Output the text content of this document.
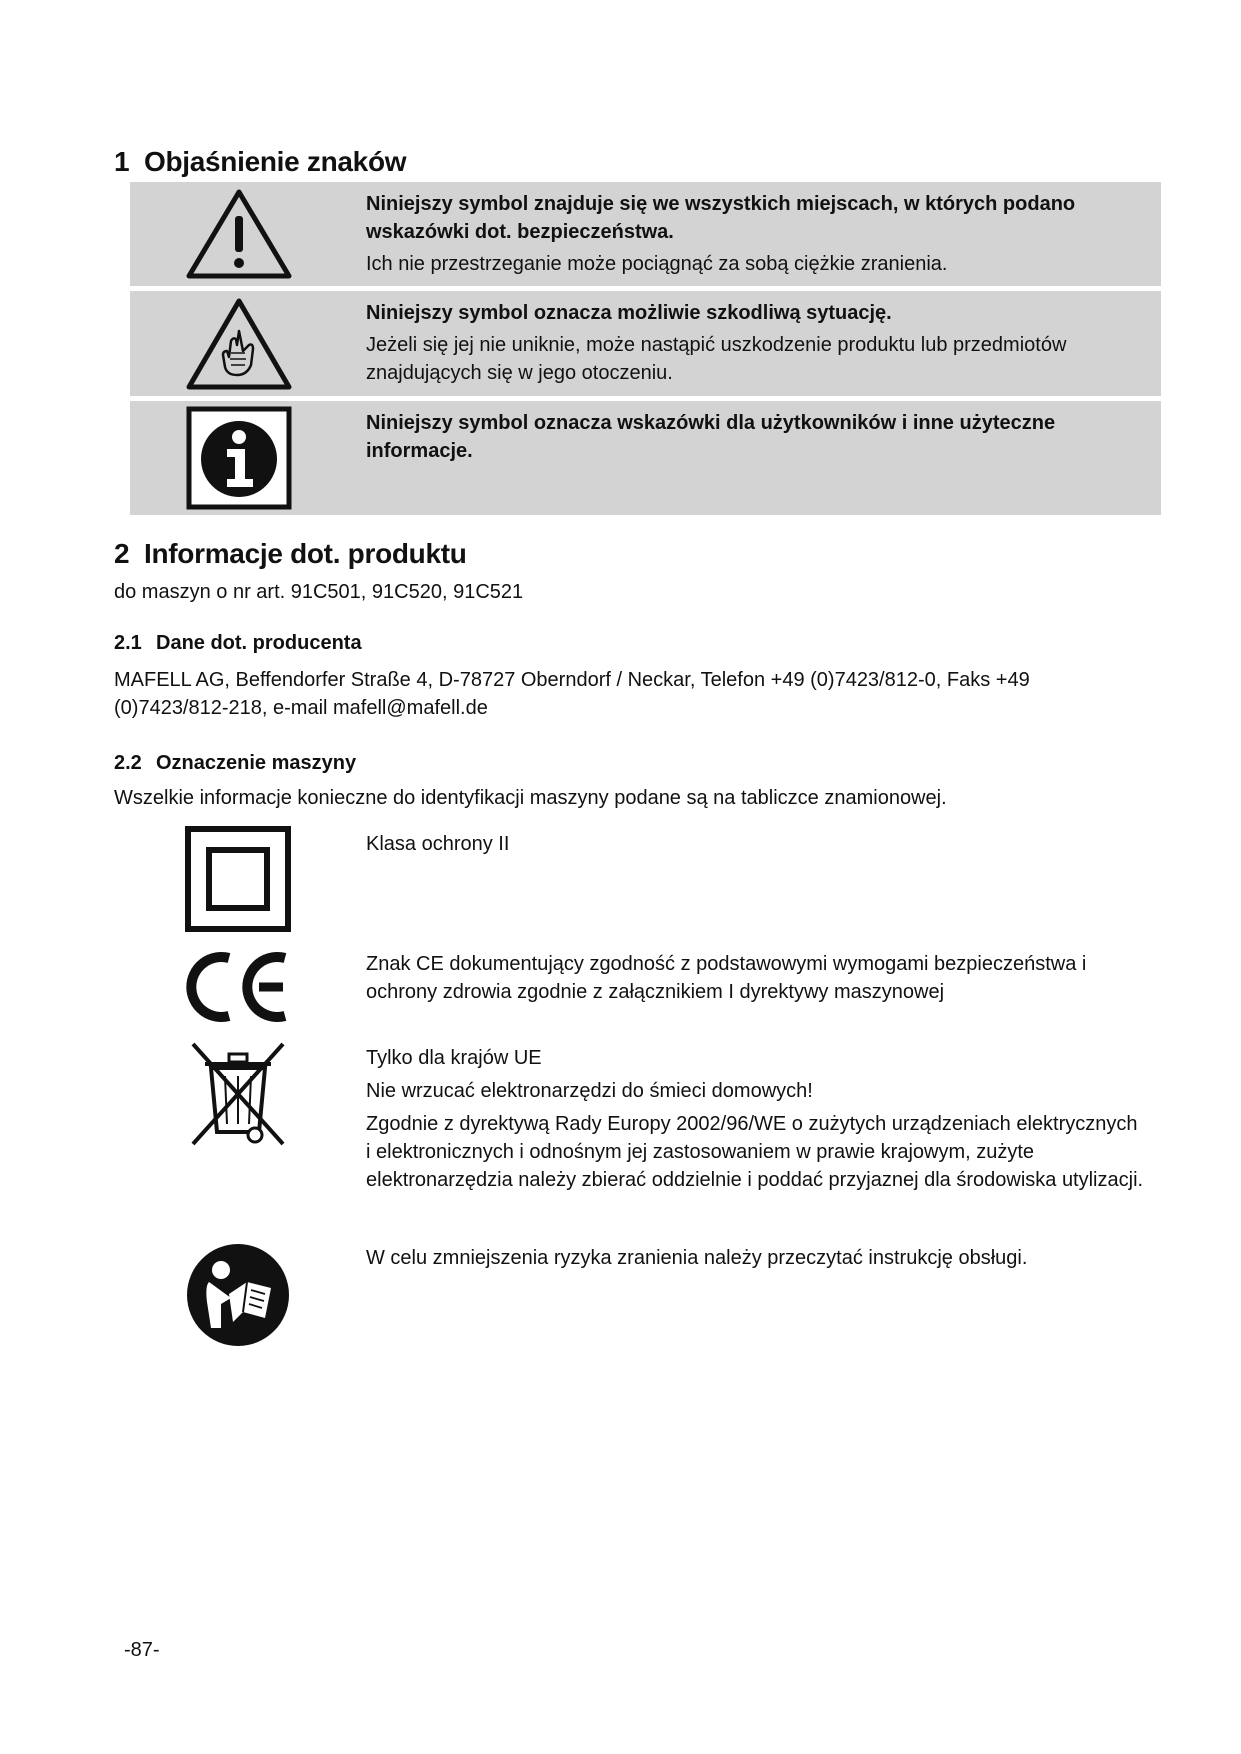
1 Objaśnienie znaków

Niniejszy symbol znajduje się we wszystkich miejscach, w których podano wskazówki dot. bezpieczeństwa.

Ich nie przestrzeganie może pociągnąć za sobą ciężkie zranienia.

Niniejszy symbol oznacza możliwie szkodliwą sytuację.

Jeżeli się jej nie uniknie, może nastąpić uszkodzenie produktu lub przedmiotów znajdujących się w jego otoczeniu.

Niniejszy symbol oznacza wskazówki dla użytkowników i inne użyteczne informacje.

2 Informacje dot. produktu
do maszyn o nr art. 91C501, 91C520, 91C521
2.1 Dane dot. producenta
MAFELL AG, Beffendorfer Straße 4, D-78727 Oberndorf / Neckar, Telefon +49 (0)7423/812-0, Faks +49
(0)7423/812-218, e-mail mafell@mafell.de
2.2 Oznaczenie maszyny
Wszelkie informacje konieczne do identyfikacji maszyny podane są na tabliczce znamionowej.

Klasa ochrony II

Znak CE dokumentujący zgodność z podstawowymi wymogami bezpieczeństwa i ochrony zdrowia zgodnie z załącznikiem I dyrektywy maszynowej

Tylko dla krajów UE

Nie wrzucać elektronarzędzi do śmieci domowych!

Zgodnie z dyrektywą Rady Europy 2002/96/WE o zużytych urządzeniach elektrycznych i elektronicznych i odnośnym jej zastosowaniem w prawie krajowym, zużyte elektronarzędzia należy zbierać oddzielnie i poddać przyjaznej dla środowiska utylizacji.

W celu zmniejszenia ryzyka zranienia należy przeczytać instrukcję obsługi.

-87-
